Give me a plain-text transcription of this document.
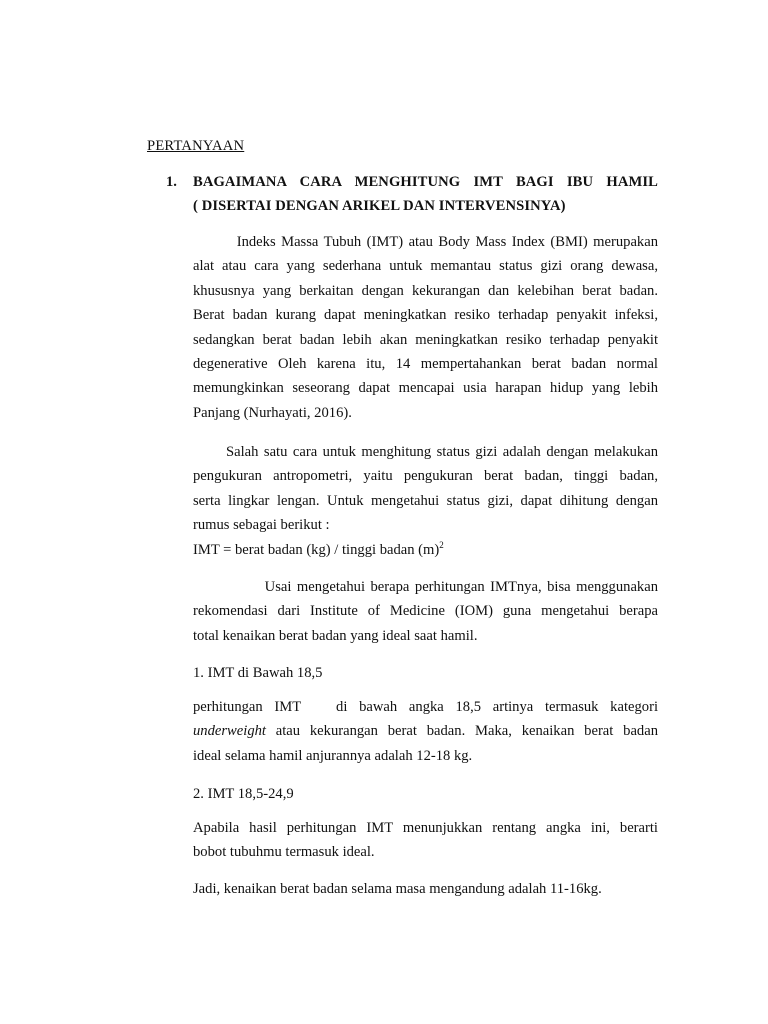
PERTANYAAN
1. BAGAIMANA CARA MENGHITUNG IMT BAGI IBU HAMIL
( DISERTAI DENGAN ARIKEL DAN INTERVENSINYA)

Indeks Massa Tubuh (IMT) atau Body Mass Index (BMI) merupakan
alat atau cara yang sederhana untuk memantau status gizi orang dewasa,
khususnya yang berkaitan dengan kekurangan dan kelebihan berat badan.
Berat badan kurang dapat meningkatkan resiko terhadap penyakit infeksi,
sedangkan berat badan lebih akan meningkatkan resiko terhadap penyakit
degenerative Oleh karena itu, 14 mempertahankan berat badan normal
memungkinkan seseorang dapat mencapai usia harapan hidup yang lebih
Panjang (Nurhayati, 2016).

Salah satu cara untuk menghitung status gizi adalah dengan melakukan
pengukuran antropometri, yaitu pengukuran berat badan, tinggi badan,
serta lingkar lengan. Untuk mengetahui status gizi, dapat dihitung dengan
rumus sebagai berikut :
IMT = berat badan (kg) / tinggi badan $(m)^2$

Usai mengetahui berapa perhitungan IMTnya, bisa menggunakan
rekomendasi dari Institute of Medicine (IOM) guna mengetahui berapa
total kenaikan berat badan yang ideal saat hamil.

1. IMT di Bawah 18,5

perhitungan IMT   di bawah angka 18,5 artinya termasuk kategori
underweight atau kekurangan berat badan. Maka, kenaikan berat badan
ideal selama hamil anjurannya adalah 12-18 kg.

2. IMT 18,5-24,9

Apabila hasil perhitungan IMT menunjukkan rentang angka ini, berarti
bobot tubuhmu termasuk ideal.

Jadi, kenaikan berat badan selama masa mengandung adalah 11-16kg.
